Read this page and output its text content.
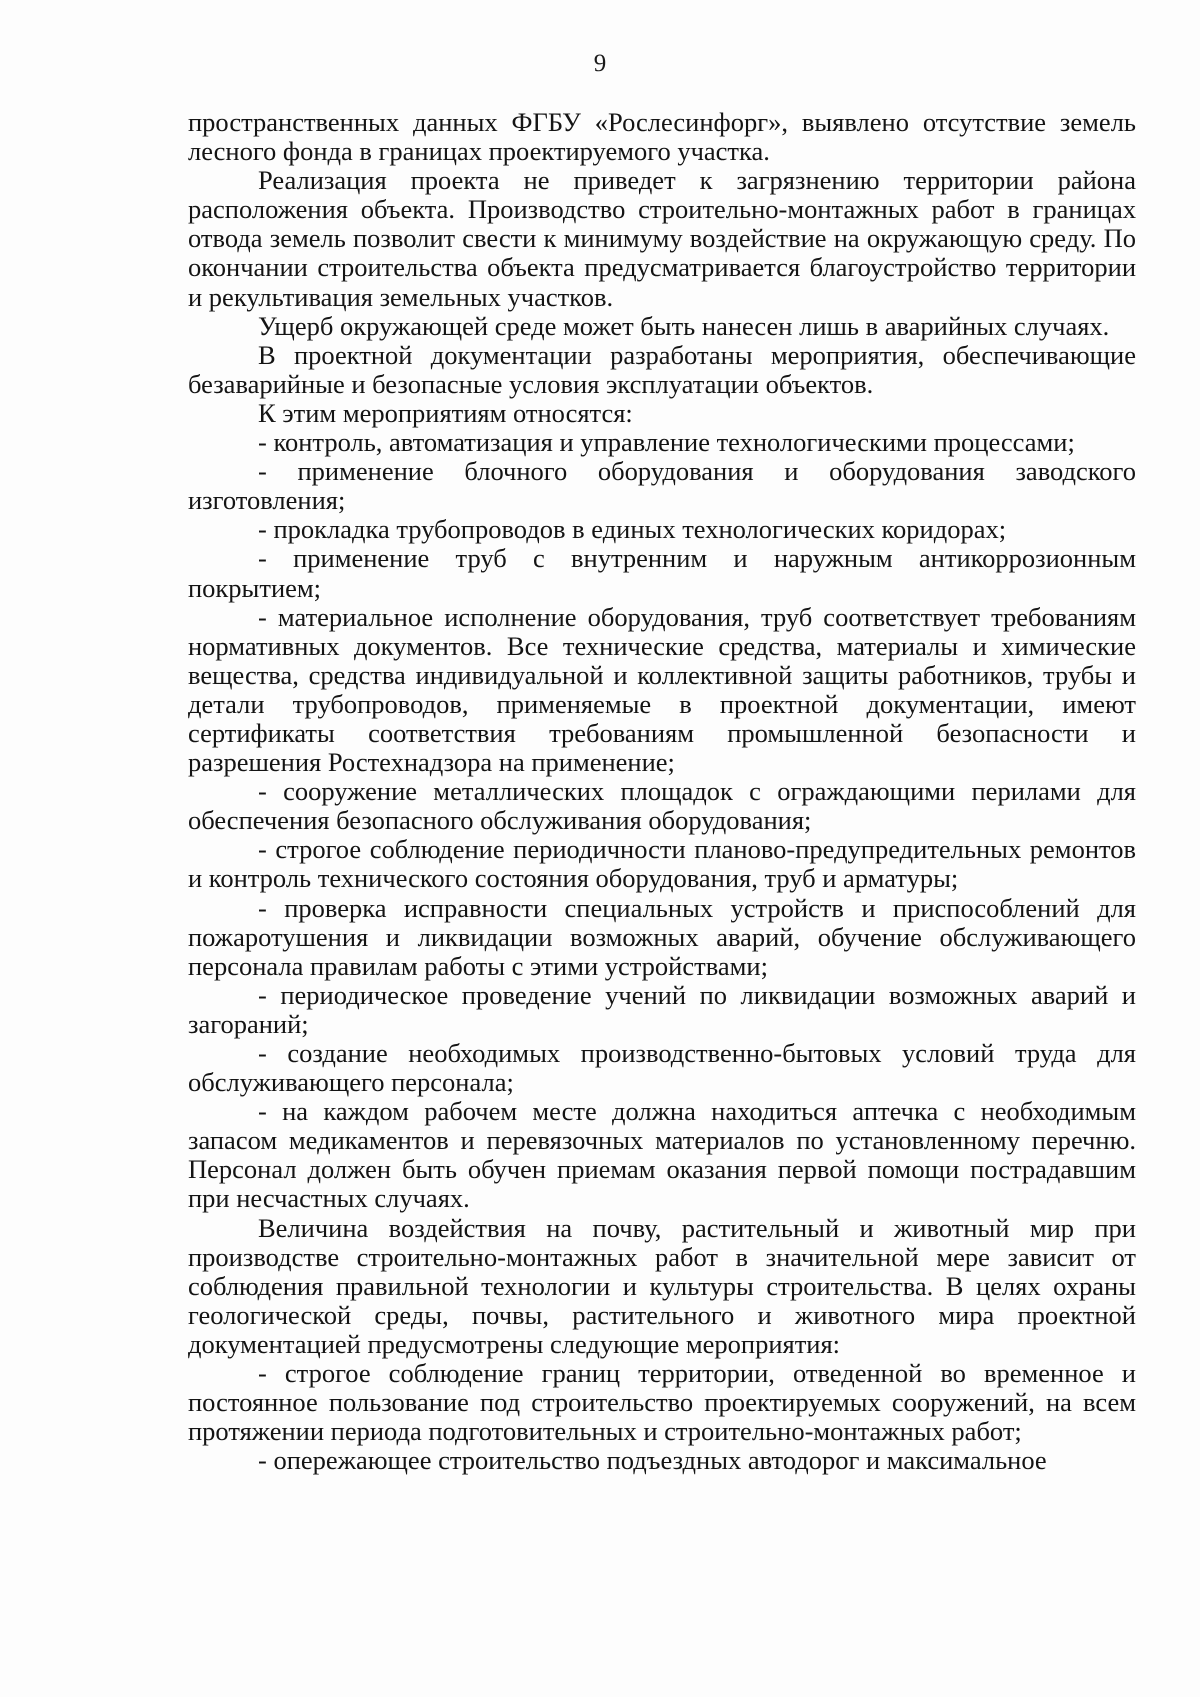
9

пространственных данных ФГБУ «Рослесинфорг», выявлено отсутствие земель лесного фонда в границах проектируемого участка.

Реализация проекта не приведет к загрязнению территории района расположения объекта. Производство строительно-монтажных работ в границах отвода земель позволит свести к минимуму воздействие на окружающую среду. По окончании строительства объекта предусматривается благоустройство территории и рекультивация земельных участков.

Ущерб окружающей среде может быть нанесен лишь в аварийных случаях.

В проектной документации разработаны мероприятия, обеспечивающие безаварийные и безопасные условия эксплуатации объектов.

К этим мероприятиям относятся:

- контроль, автоматизация и управление технологическими процессами;

- применение блочного оборудования и оборудования заводского изготовления;

- прокладка трубопроводов в единых технологических коридорах;

- применение труб с внутренним и наружным антикоррозионным покрытием;

- материальное исполнение оборудования, труб соответствует требованиям нормативных документов. Все технические средства, материалы и химические вещества, средства индивидуальной и коллективной защиты работников, трубы и детали трубопроводов, применяемые в проектной документации, имеют сертификаты соответствия требованиям промышленной безопасности и разрешения Ростехнадзора на применение;

- сооружение металлических площадок с ограждающими перилами для обеспечения безопасного обслуживания оборудования;

- строгое соблюдение периодичности планово-предупредительных ремонтов и контроль технического состояния оборудования, труб и арматуры;

- проверка исправности специальных устройств и приспособлений для пожаротушения и ликвидации возможных аварий, обучение обслуживающего персонала правилам работы с этими устройствами;

- периодическое проведение учений по ликвидации возможных аварий и загораний;

- создание необходимых производственно-бытовых условий труда для обслуживающего персонала;

- на каждом рабочем месте должна находиться аптечка с необходимым запасом медикаментов и перевязочных материалов по установленному перечню. Персонал должен быть обучен приемам оказания первой помощи пострадавшим при несчастных случаях.

Величина воздействия на почву, растительный и животный мир при производстве строительно-монтажных работ в значительной мере зависит от соблюдения правильной технологии и культуры строительства. В целях охраны геологической среды, почвы, растительного и животного мира проектной документацией предусмотрены следующие мероприятия:

- строгое соблюдение границ территории, отведенной во временное и постоянное пользование под строительство проектируемых сооружений, на всем протяжении периода подготовительных и строительно-монтажных работ;

- опережающее строительство подъездных автодорог и максимальное
